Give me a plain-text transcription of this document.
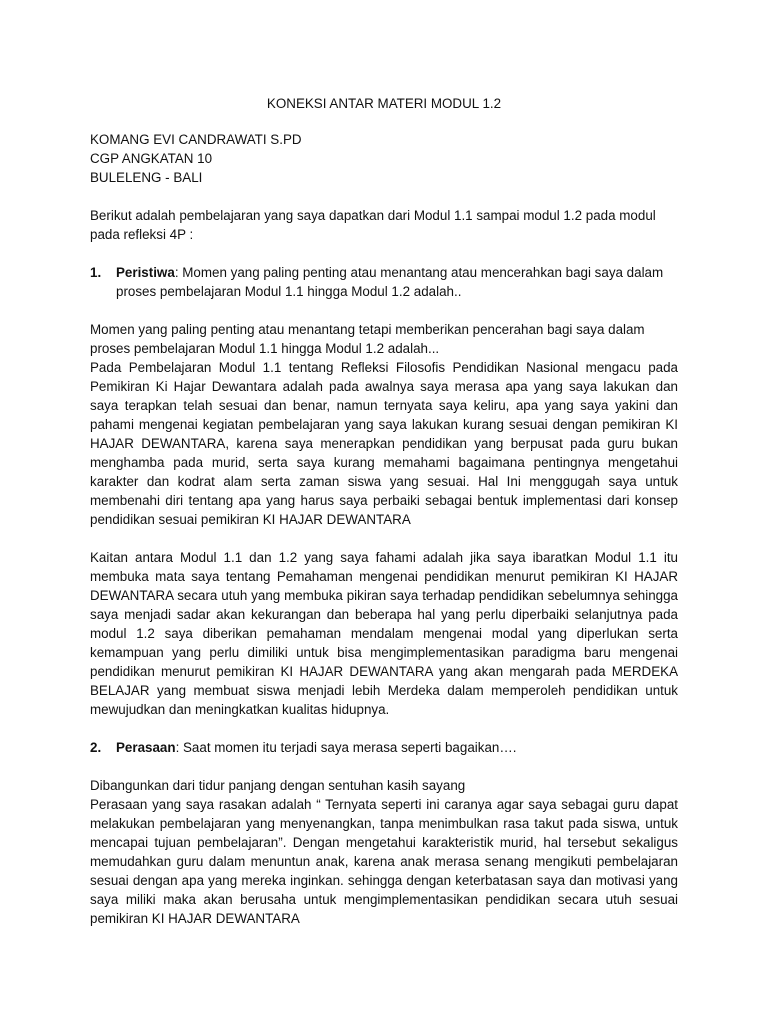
KONEKSI ANTAR MATERI MODUL 1.2
KOMANG EVI CANDRAWATI S.PD
CGP ANGKATAN 10
BULELENG - BALI

Berikut adalah pembelajaran yang saya dapatkan dari Modul 1.1 sampai modul 1.2 pada modul pada refleksi 4P :

1.	Peristiwa: Momen yang paling penting atau menantang atau mencerahkan bagi saya dalam proses pembelajaran Modul 1.1 hingga Modul 1.2 adalah..

Momen yang paling penting atau menantang tetapi memberikan pencerahan bagi saya dalam proses pembelajaran Modul 1.1 hingga Modul 1.2 adalah...

Pada Pembelajaran Modul 1.1 tentang Refleksi Filosofis Pendidikan Nasional mengacu pada Pemikiran Ki Hajar Dewantara adalah pada awalnya saya merasa apa yang saya lakukan dan saya terapkan telah sesuai dan benar, namun ternyata saya keliru, apa yang saya yakini dan pahami mengenai kegiatan pembelajaran yang saya lakukan kurang sesuai dengan pemikiran KI HAJAR DEWANTARA, karena saya menerapkan pendidikan yang berpusat pada guru bukan menghamba pada murid, serta saya kurang memahami bagaimana pentingnya mengetahui karakter dan kodrat alam serta zaman siswa yang sesuai. Hal Ini menggugah saya untuk membenahi diri tentang apa yang harus saya perbaiki sebagai bentuk implementasi dari konsep pendidikan sesuai pemikiran KI HAJAR DEWANTARA

Kaitan antara Modul 1.1 dan 1.2 yang saya fahami adalah jika saya ibaratkan Modul 1.1 itu membuka mata saya tentang Pemahaman mengenai pendidikan menurut pemikiran KI HAJAR DEWANTARA secara utuh yang membuka pikiran saya terhadap pendidikan sebelumnya sehingga saya menjadi sadar akan kekurangan dan beberapa hal yang perlu diperbaiki selanjutnya pada modul 1.2 saya diberikan pemahaman mendalam mengenai modal yang diperlukan serta kemampuan yang perlu dimiliki untuk bisa mengimplementasikan paradigma baru mengenai pendidikan menurut pemikiran KI HAJAR DEWANTARA yang akan mengarah pada MERDEKA BELAJAR yang membuat siswa menjadi lebih Merdeka dalam memperoleh pendidikan untuk mewujudkan dan meningkatkan kualitas hidupnya.

2.	Perasaan: Saat momen itu terjadi saya merasa seperti bagaikan….

Dibangunkan dari tidur panjang dengan sentuhan kasih sayang

Perasaan yang saya rasakan adalah “ Ternyata seperti ini caranya agar saya sebagai guru dapat melakukan pembelajaran yang menyenangkan, tanpa menimbulkan rasa takut pada siswa, untuk mencapai tujuan pembelajaran”. Dengan mengetahui karakteristik murid, hal tersebut sekaligus memudahkan guru dalam menuntun anak, karena anak merasa senang mengikuti pembelajaran sesuai dengan apa yang mereka inginkan. sehingga dengan keterbatasan saya dan motivasi yang saya miliki maka akan berusaha untuk mengimplementasikan pendidikan secara utuh sesuai pemikiran KI HAJAR DEWANTARA
